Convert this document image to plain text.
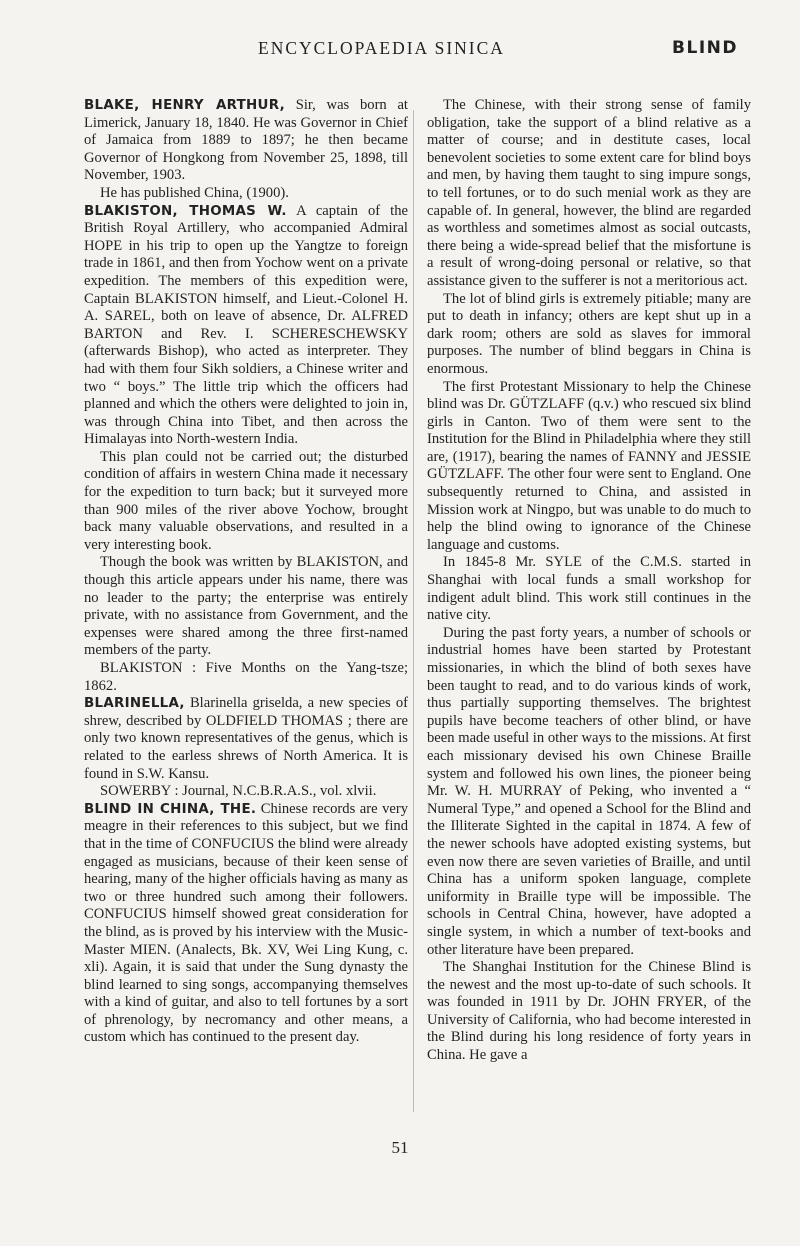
ENCYCLOPAEDIA SINICA	BLIND

BLAKE, HENRY ARTHUR, Sir, was born at Limerick, January 18, 1840. He was Governor in Chief of Jamaica from 1889 to 1897; he then became Governor of Hongkong from November 25, 1898, till November, 1903.

He has published China, (1900).

BLAKISTON, THOMAS W. A captain of the British Royal Artillery, who accompanied Admiral HOPE in his trip to open up the Yangtze to foreign trade in 1861, and then from Yochow went on a private expedition. The members of this expedition were, Captain BLAKISTON himself, and Lieut.-Colonel H. A. SAREL, both on leave of absence, Dr. ALFRED BARTON and Rev. I. SCHERESCHEWSKY (afterwards Bishop), who acted as interpreter. They had with them four Sikh soldiers, a Chinese writer and two “ boys.” The little trip which the officers had planned and which the others were delighted to join in, was through China into Tibet, and then across the Himalayas into North-western India.

This plan could not be carried out; the disturbed condition of affairs in western China made it necessary for the expedition to turn back; but it surveyed more than 900 miles of the river above Yochow, brought back many valuable observations, and resulted in a very interesting book.

Though the book was written by BLAKISTON, and though this article appears under his name, there was no leader to the party; the enterprise was entirely private, with no assistance from Government, and the expenses were shared among the three first-named members of the party.

BLAKISTON : Five Months on the Yang-tsze; 1862.

BLARINELLA, Blarinella griselda, a new species of shrew, described by OLDFIELD THOMAS ; there are only two known representatives of the genus, which is related to the earless shrews of North America. It is found in S.W. Kansu.

SOWERBY : Journal, N.C.B.R.A.S., vol. xlvii.

BLIND IN CHINA, THE. Chinese records are very meagre in their references to this subject, but we find that in the time of CONFUCIUS the blind were already engaged as musicians, because of their keen sense of hearing, many of the higher officials having as many as two or three hundred such among their followers. CONFUCIUS himself showed great consideration for the blind, as is proved by his interview with the Music-Master MIEN. (Analects, Bk. XV, Wei Ling Kung, c. xli). Again, it is said that under the Sung dynasty the blind learned to sing songs, accompanying themselves with a kind of guitar, and also to tell fortunes by a sort of phrenology, by necromancy and other means, a custom which has continued to the present day.

The Chinese, with their strong sense of family obligation, take the support of a blind relative as a matter of course; and in destitute cases, local benevolent societies to some extent care for blind boys and men, by having them taught to sing impure songs, to tell fortunes, or to do such menial work as they are capable of. In general, however, the blind are regarded as worthless and sometimes almost as social outcasts, there being a wide-spread belief that the misfortune is a result of wrong-doing personal or relative, so that assistance given to the sufferer is not a meritorious act.

The lot of blind girls is extremely pitiable; many are put to death in infancy; others are kept shut up in a dark room; others are sold as slaves for immoral purposes. The number of blind beggars in China is enormous.

The first Protestant Missionary to help the Chinese blind was Dr. GÜTZLAFF (q.v.) who rescued six blind girls in Canton. Two of them were sent to the Institution for the Blind in Philadelphia where they still are, (1917), bearing the names of FANNY and JESSIE GÜTZLAFF. The other four were sent to England. One subsequently returned to China, and assisted in Mission work at Ningpo, but was unable to do much to help the blind owing to ignorance of the Chinese language and customs.

In 1845-8 Mr. SYLE of the C.M.S. started in Shanghai with local funds a small workshop for indigent adult blind. This work still continues in the native city.

During the past forty years, a number of schools or industrial homes have been started by Protestant missionaries, in which the blind of both sexes have been taught to read, and to do various kinds of work, thus partially supporting themselves. The brightest pupils have become teachers of other blind, or have been made useful in other ways to the missions. At first each missionary devised his own Chinese Braille system and followed his own lines, the pioneer being Mr. W. H. MURRAY of Peking, who invented a “ Numeral Type,” and opened a School for the Blind and the Illiterate Sighted in the capital in 1874. A few of the newer schools have adopted existing systems, but even now there are seven varieties of Braille, and until China has a uniform spoken language, complete uniformity in Braille type will be impossible. The schools in Central China, however, have adopted a single system, in which a number of text-books and other literature have been prepared.

The Shanghai Institution for the Chinese Blind is the newest and the most up-to-date of such schools. It was founded in 1911 by Dr. JOHN FRYER, of the University of California, who had become interested in the Blind during his long residence of forty years in China. He gave a

51
